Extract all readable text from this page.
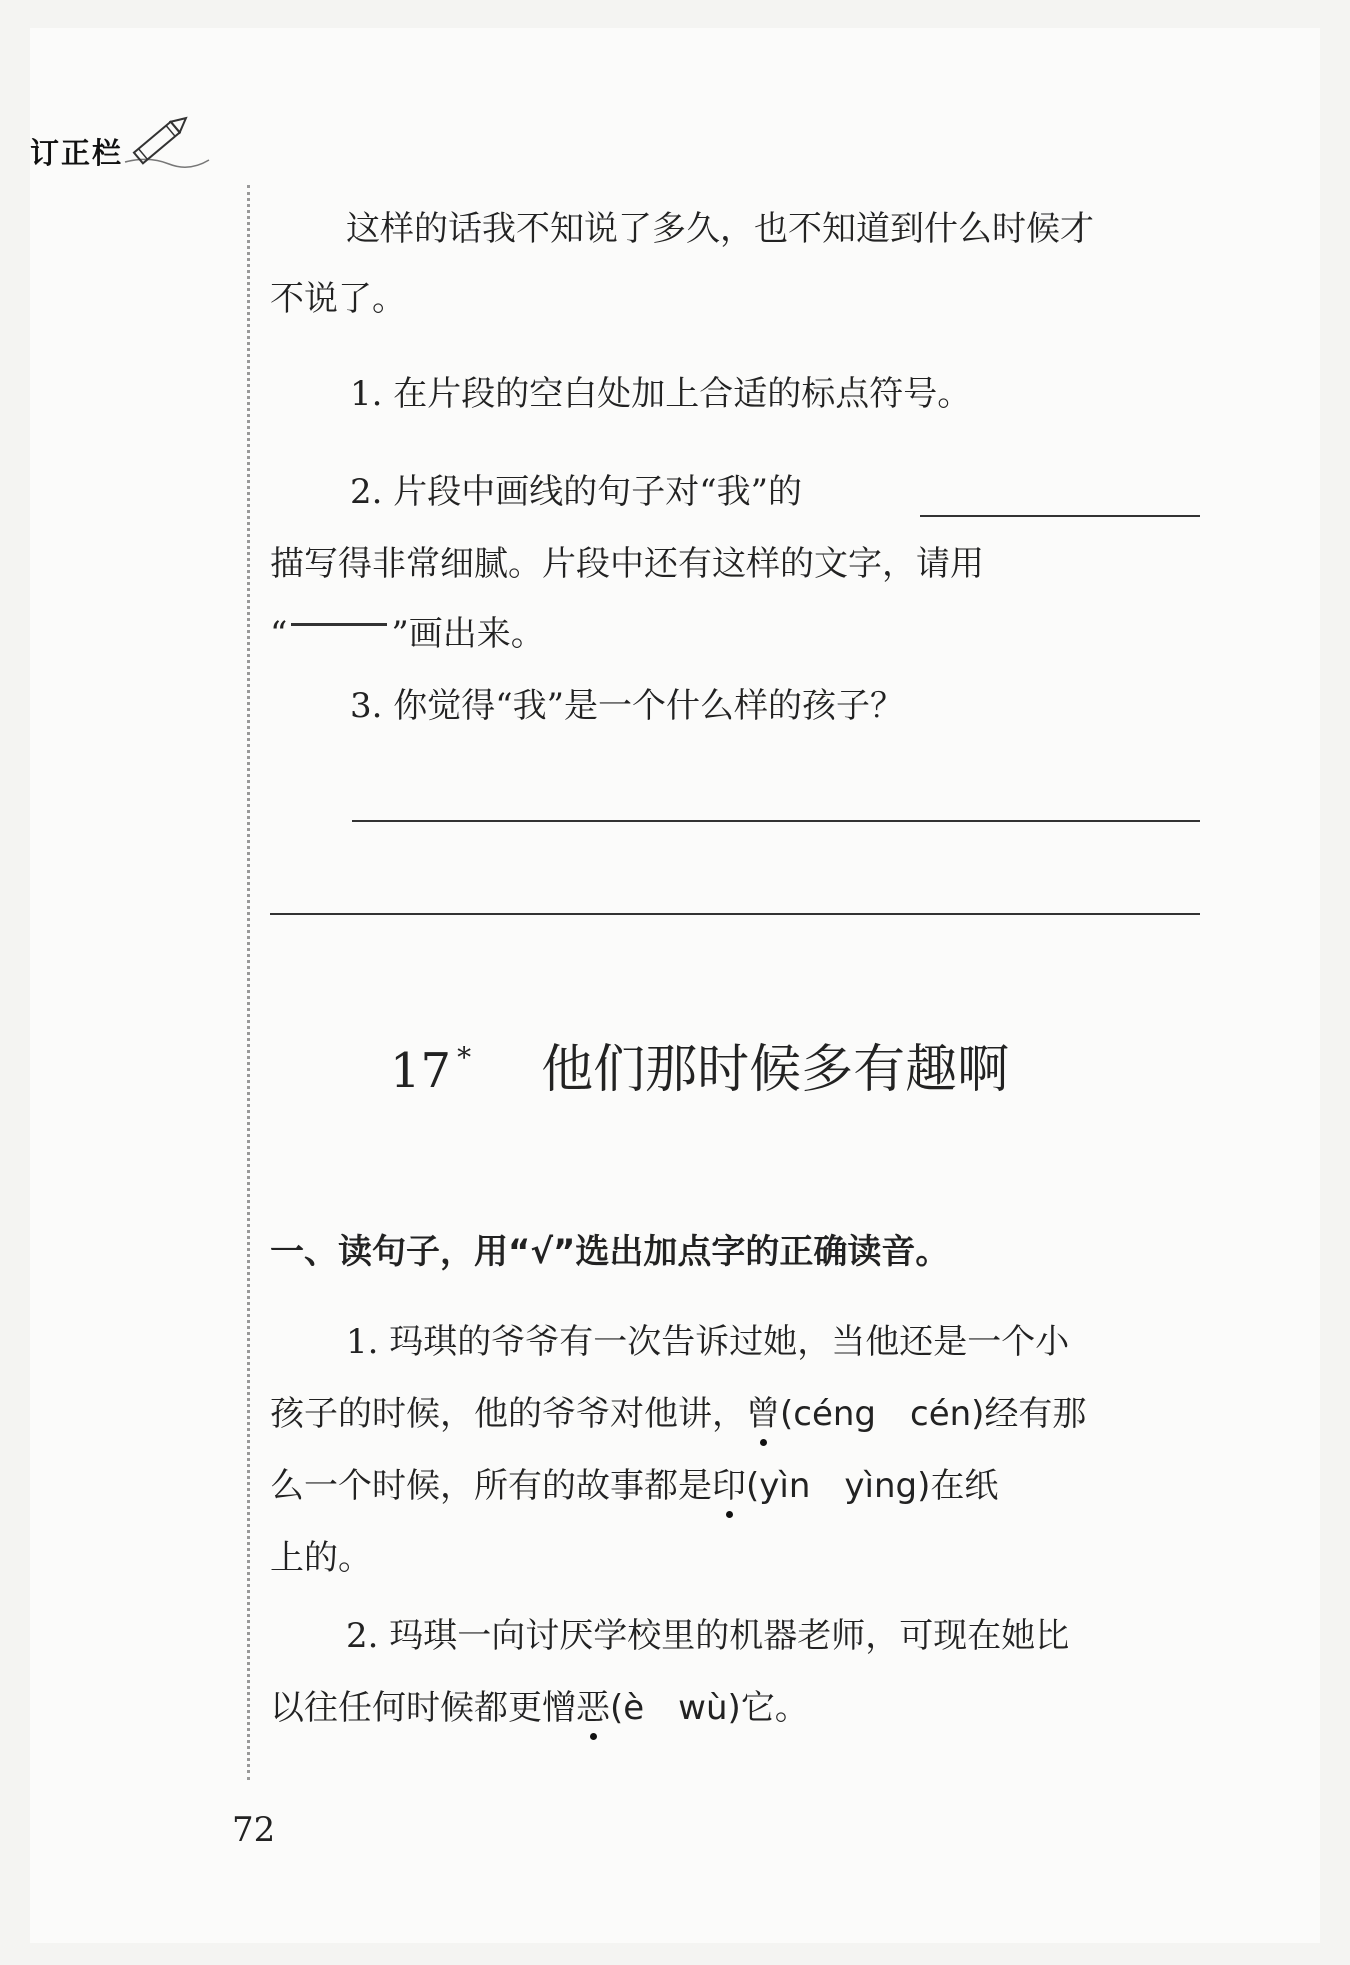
订正栏
这样的话我不知说了多久，也不知道到什么时候才
不说了。
1. 在片段的空白处加上合适的标点符号。
2. 片段中画线的句子对“我”的
描写得非常细腻。片段中还有这样的文字，请用
“	”画出来。
3. 你觉得“我”是一个什么样的孩子？
17 * 他们那时候多有趣啊
一、读句子，用“√”选出加点字的正确读音。
1. 玛琪的爷爷有一次告诉过她，当他还是一个小
孩子的时候，他的爷爷对他讲，曾(céng　cén)经有那
么一个时候，所有的故事都是印(yìn　yìng)在纸
上的。
2. 玛琪一向讨厌学校里的机器老师，可现在她比
以往任何时候都更憎恶(è　wù)它。
72
